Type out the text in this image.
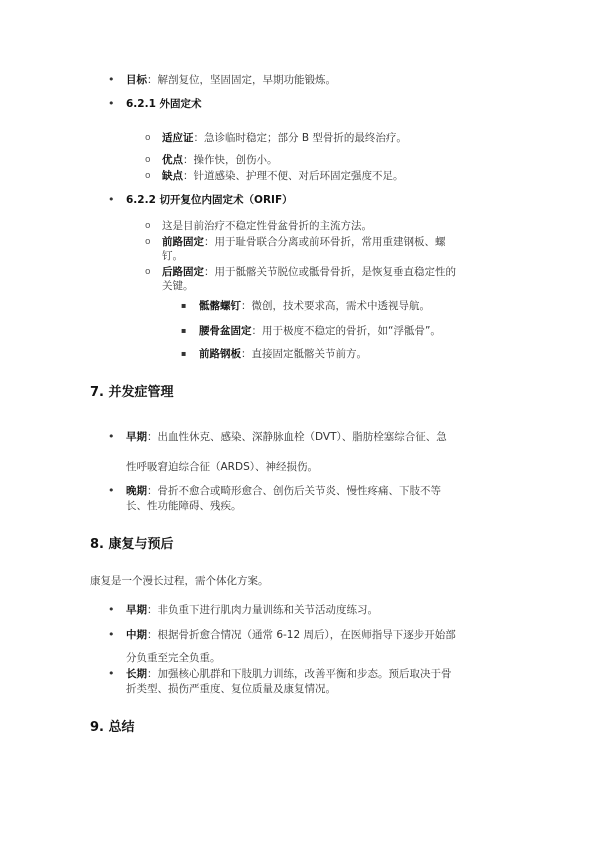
• 目标：解剖复位，坚固固定，早期功能锻炼。
• 6.2.1 外固定术
o 适应证：急诊临时稳定；部分 B 型骨折的最终治疗。
o 优点：操作快，创伤小。
o 缺点：针道感染、护理不便、对后环固定强度不足。
• 6.2.2 切开复位内固定术（ORIF）
o 这是目前治疗不稳定性骨盆骨折的主流方法。
o 前路固定：用于耻骨联合分离或前环骨折，常用重建钢板、螺
钉。
o 后路固定：用于骶髂关节脱位或骶骨骨折，是恢复垂直稳定性的
关键。
▪ 骶髂螺钉：微创，技术要求高，需术中透视导航。
▪ 腰骨盆固定：用于极度不稳定的骨折，如“浮骶骨”。
▪ 前路钢板：直接固定骶髂关节前方。
7. 并发症管理
• 早期：出血性休克、感染、深静脉血栓（DVT）、脂肪栓塞综合征、急
性呼吸窘迫综合征（ARDS）、神经损伤。
• 晚期：骨折不愈合或畸形愈合、创伤后关节炎、慢性疼痛、下肢不等
长、性功能障碍、残疾。
8. 康复与预后
康复是一个漫长过程，需个体化方案。
• 早期：非负重下进行肌肉力量训练和关节活动度练习。
• 中期：根据骨折愈合情况（通常 6-12 周后），在医师指导下逐步开始部
分负重至完全负重。
• 长期：加强核心肌群和下肢肌力训练，改善平衡和步态。预后取决于骨
折类型、损伤严重度、复位质量及康复情况。
9. 总结
